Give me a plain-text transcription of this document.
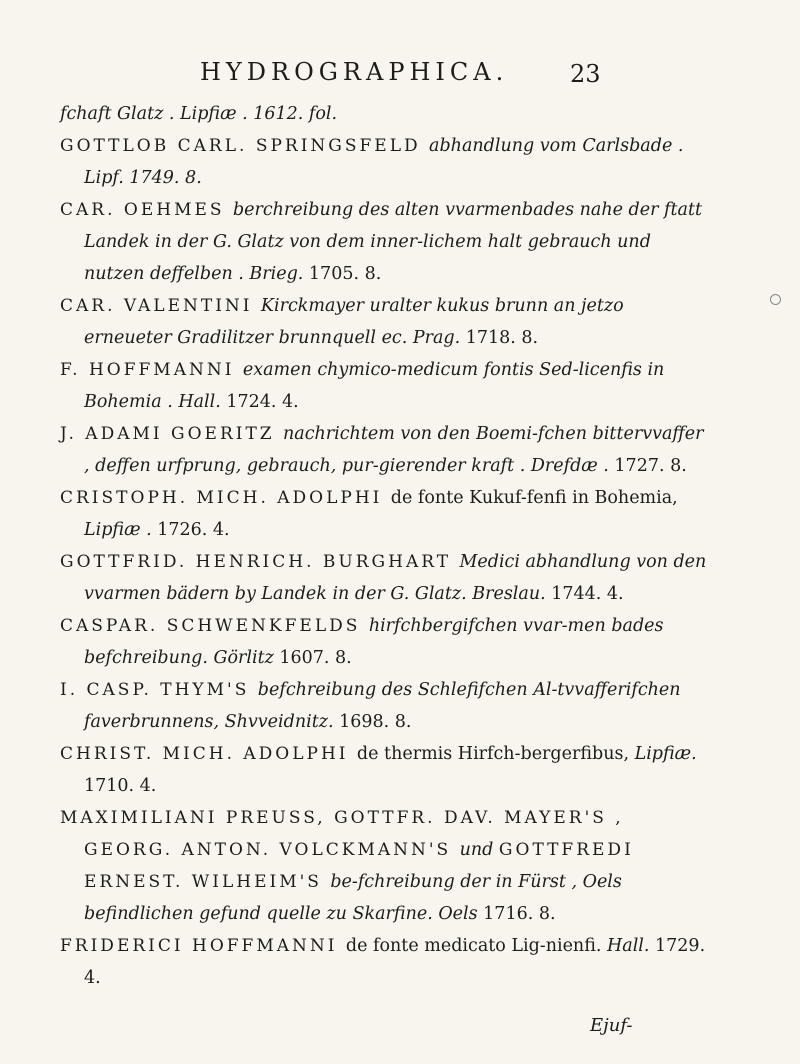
HYDROGRAPHICA.	23

fchaft Glatz . Lipfiæ . 1612. fol.

GOTTLOB CARL. SPRINGSFELD abhandlung vom Carlsbade . Lipf. 1749. 8.

CAR. OEHMES berchreibung des alten vvarmenbades nahe der ftatt Landek in der G. Glatz von dem inner-lichem halt gebrauch und nutzen deffelben . Brieg. 1705. 8.

CAR. VALENTINI Kirckmayer uralter kukus brunn an jetzo erneueter Gradilitzer brunnquell ec. Prag. 1718. 8.

F. HOFFMANNI examen chymico-medicum fontis Sed-licenfis in Bohemia . Hall. 1724. 4.

J. ADAMI GOERITZ nachrichtem von den Boemi-fchen bittervvaffer , deffen urfprung, gebrauch, pur-gierender kraft . Drefdæ . 1727. 8.

CRISTOPH. MICH. ADOLPHI de fonte Kukuf-fenfi in Bohemia, Lipfiæ . 1726. 4.

GOTTFRID. HENRICH. BURGHART Medici abhandlung von den vvarmen bädern by Landek in der G. Glatz. Breslau. 1744. 4.

CASPAR. SCHWENKFELDS hirfchbergifchen vvar-men bades befchreibung. Görlitz 1607. 8.

I. CASP. THYM'S befchreibung des Schlefifchen Al-tvvafferifchen faverbrunnens, Shvveidnitz. 1698. 8.

CHRIST. MICH. ADOLPHI de thermis Hirfch-bergerfibus, Lipfiæ. 1710. 4.

MAXIMILIANI PREUSS, GOTTFR. DAV. MAYER'S , GEORG. ANTON. VOLCKMANN'S und GOTTFREDI ERNEST. WILHEIM'S be-fchreibung der in Fürst , Oels befindlichen gefund quelle zu Skarfine. Oels 1716. 8.

FRIDERICI HOFFMANNI de fonte medicato Lig-nienfi. Hall. 1729. 4.

Ejuf-
